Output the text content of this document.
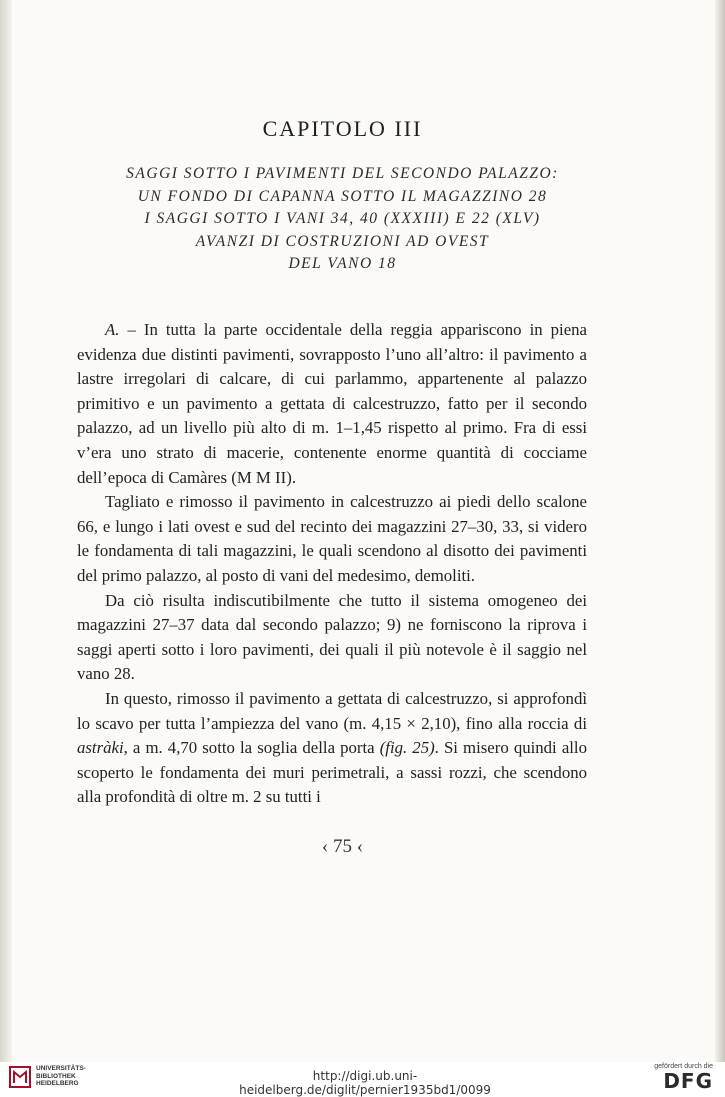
CAPITOLO III
SAGGI SOTTO I PAVIMENTI DEL SECONDO PALAZZO:
UN FONDO DI CAPANNA SOTTO IL MAGAZZINO 28
I SAGGI SOTTO I VANI 34, 40 (XXXIII) E 22 (XLV)
AVANZI DI COSTRUZIONI AD OVEST
DEL VANO 18

A. – In tutta la parte occidentale della reggia appariscono in piena evidenza due distinti pavimenti, sovrapposto l’uno all’altro: il pavimento a lastre irregolari di calcare, di cui parlammo, appartenente al palazzo primitivo e un pavimento a gettata di calcestruzzo, fatto per il secondo palazzo, ad un livello più alto di m. 1–1,45 rispetto al primo. Fra di essi v’era uno strato di macerie, contenente enorme quantità di cocciame dell’epoca di Camàres (M M II).

Tagliato e rimosso il pavimento in calcestruzzo ai piedi dello scalone 66, e lungo i lati ovest e sud del recinto dei magazzini 27–30, 33, si videro le fondamenta di tali magazzini, le quali scendono al disotto dei pavimenti del primo palazzo, al posto di vani del medesimo, demoliti.

Da ciò risulta indiscutibilmente che tutto il sistema omogeneo dei magazzini 27–37 data dal secondo palazzo; 9) ne forniscono la riprova i saggi aperti sotto i loro pavimenti, dei quali il più notevole è il saggio nel vano 28.

In questo, rimosso il pavimento a gettata di calcestruzzo, si approfondì lo scavo per tutta l’ampiezza del vano (m. 4,15 × 2,10), fino alla roccia di astràki, a m. 4,70 sotto la soglia della porta (fig. 25). Si misero quindi allo scoperto le fondamenta dei muri perimetrali, a sassi rozzi, che scendono alla profondità di oltre m. 2 su tutti i

‹ 75 ‹
UNIVERSITÄTS-
BIBLIOTHEK
HEIDELBERG
http://digi.ub.uni-heidelberg.de/diglit/pernier1935bd1/0099
gefördert durch die
DFG
